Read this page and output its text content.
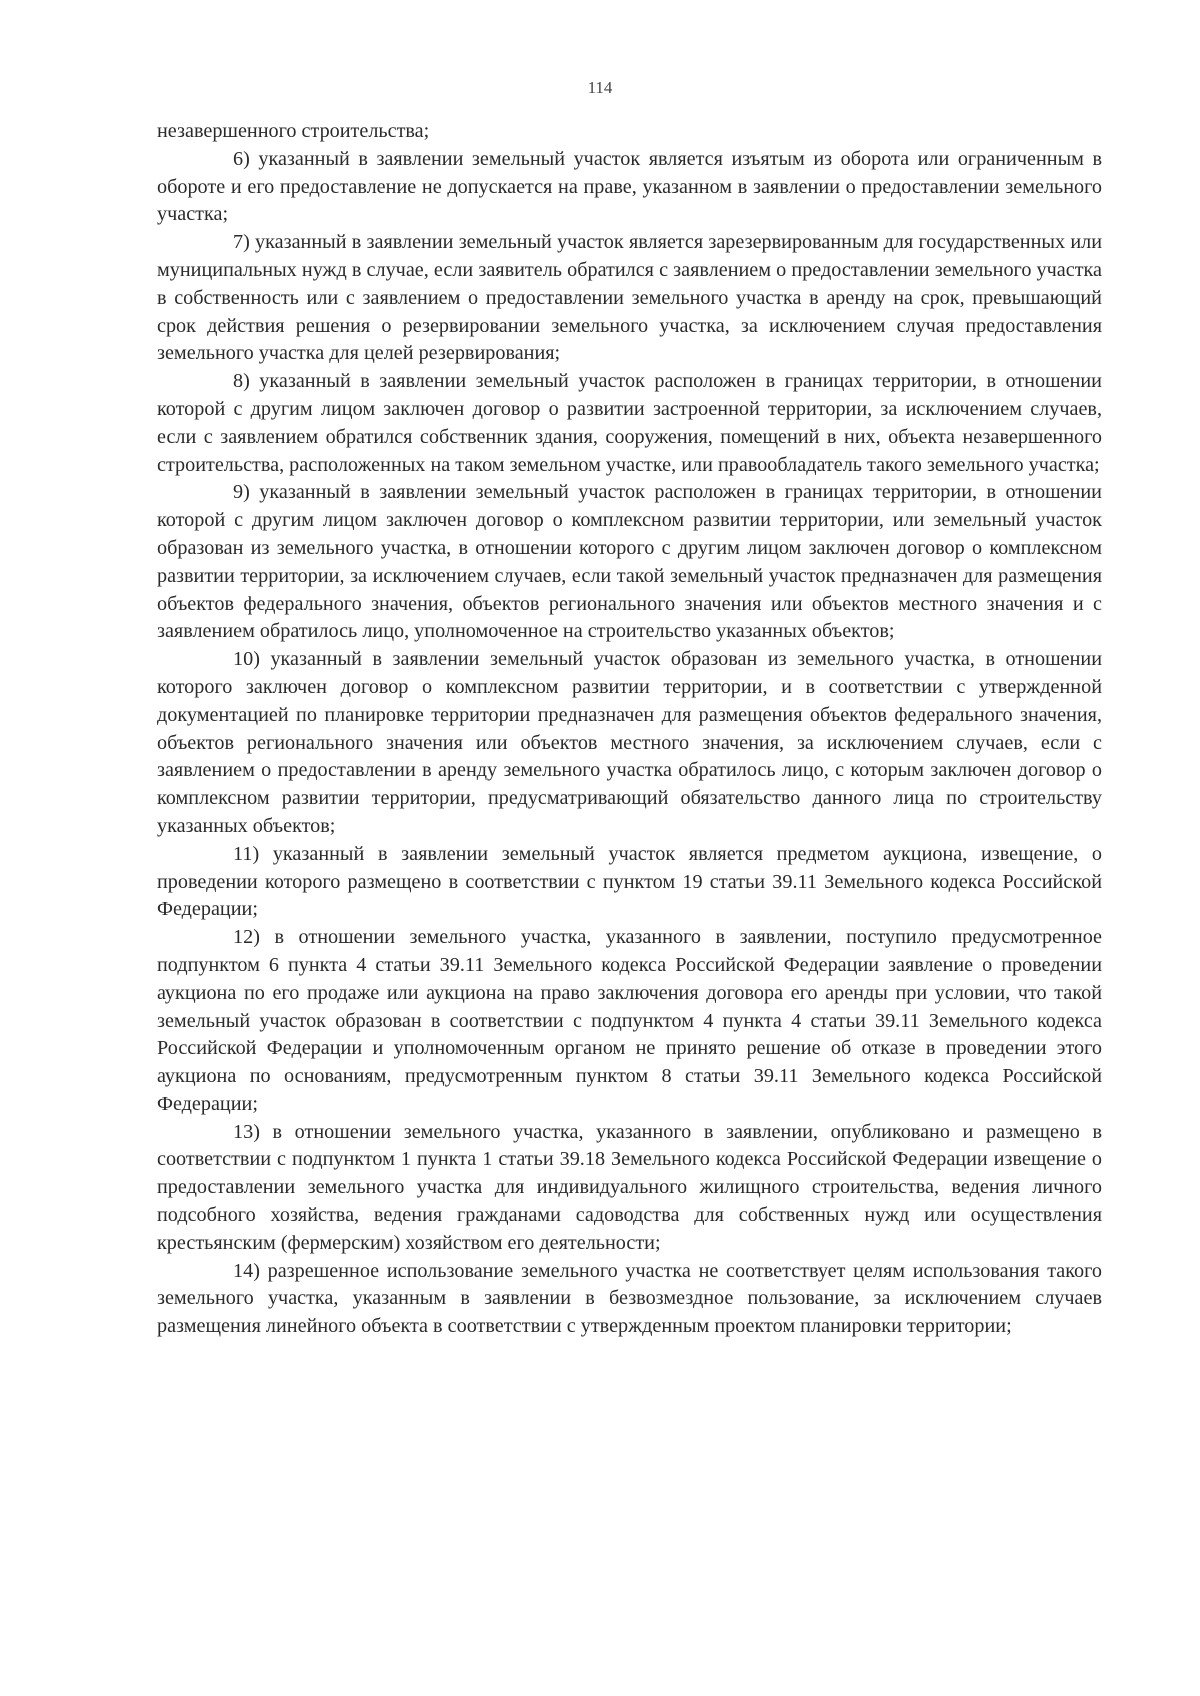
114

незавершенного строительства;

6) указанный в заявлении земельный участок является изъятым из оборота или ограниченным в обороте и его предоставление не допускается на праве, указанном в заявлении о предоставлении земельного участка;

7) указанный в заявлении земельный участок является зарезервированным для государственных или муниципальных нужд в случае, если заявитель обратился с заявлением о предоставлении земельного участка в собственность или с заявлением о предоставлении земельного участка в аренду на срок, превышающий срок действия решения о резервировании земельного участка, за исключением случая предоставления земельного участка для целей резервирования;

8) указанный в заявлении земельный участок расположен в границах территории, в отношении которой с другим лицом заключен договор о развитии застроенной территории, за исключением случаев, если с заявлением обратился собственник здания, сооружения, помещений в них, объекта незавершенного строительства, расположенных на таком земельном участке, или правообладатель такого земельного участка;

9) указанный в заявлении земельный участок расположен в границах территории, в отношении которой с другим лицом заключен договор о комплексном развитии территории, или земельный участок образован из земельного участка, в отношении которого с другим лицом заключен договор о комплексном развитии территории, за исключением случаев, если такой земельный участок предназначен для размещения объектов федерального значения, объектов регионального значения или объектов местного значения и с заявлением обратилось лицо, уполномоченное на строительство указанных объектов;

10) указанный в заявлении земельный участок образован из земельного участка, в отношении которого заключен договор о комплексном развитии территории, и в соответствии с утвержденной документацией по планировке территории предназначен для размещения объектов федерального значения, объектов регионального значения или объектов местного значения, за исключением случаев, если с заявлением о предоставлении в аренду земельного участка обратилось лицо, с которым заключен договор о комплексном развитии территории, предусматривающий обязательство данного лица по строительству указанных объектов;

11) указанный в заявлении земельный участок является предметом аукциона, извещение, о проведении которого размещено в соответствии с пунктом 19 статьи 39.11 Земельного кодекса Российской Федерации;

12) в отношении земельного участка, указанного в заявлении, поступило предусмотренное подпунктом 6 пункта 4 статьи 39.11 Земельного кодекса Российской Федерации заявление о проведении аукциона по его продаже или аукциона на право заключения договора его аренды при условии, что такой земельный участок образован в соответствии с подпунктом 4 пункта 4 статьи 39.11 Земельного кодекса Российской Федерации и уполномоченным органом не принято решение об отказе в проведении этого аукциона по основаниям, предусмотренным пунктом 8 статьи 39.11 Земельного кодекса Российской Федерации;

13) в отношении земельного участка, указанного в заявлении, опубликовано и размещено в соответствии с подпунктом 1 пункта 1 статьи 39.18 Земельного кодекса Российской Федерации извещение о предоставлении земельного участка для индивидуального жилищного строительства, ведения личного подсобного хозяйства, ведения гражданами садоводства для собственных нужд или осуществления крестьянским (фермерским) хозяйством его деятельности;

14) разрешенное использование земельного участка не соответствует целям использования такого земельного участка, указанным в заявлении в безвозмездное пользование, за исключением случаев размещения линейного объекта в соответствии с утвержденным проектом планировки территории;
